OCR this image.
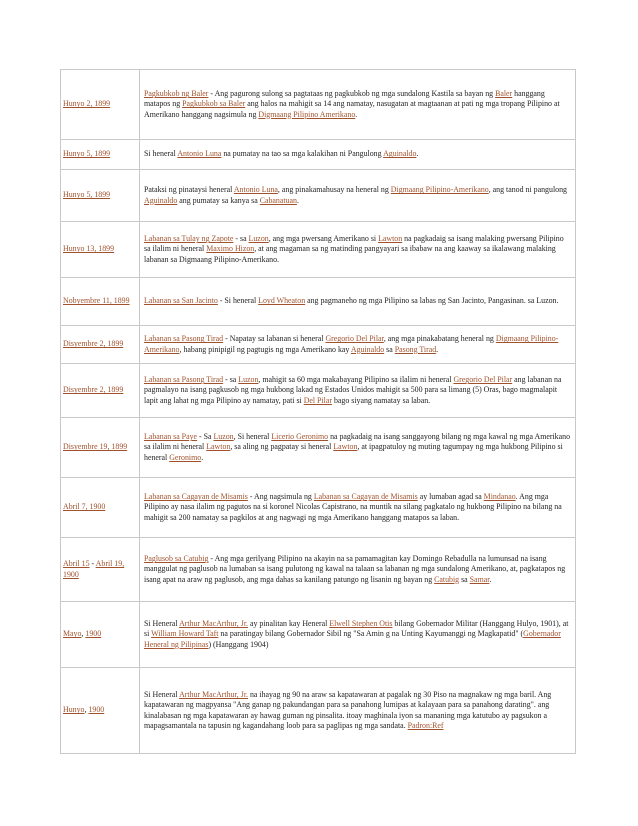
Hunyo 2, 1899	Pagkubkob ng Baler - Ang pagurong sulong sa pagtataas ng pagkubkob ng mga sundalong Kastila sa bayan ng Baler hanggang matapos ng Pagkubkob sa Baler ang halos na mahigit sa 14 ang namatay, nasugatan at magtaanan at pati ng mga tropang Pilipino at Amerikano hanggang nagsimula ng Digmaang Pilipino Amerikano.
Hunyo 5, 1899	Si heneral Antonio Luna na pumatay na tao sa mga kalakihan ni Pangulong Aguinaldo.
Hunyo 5, 1899	Pataksi ng pinataysi heneral Antonio Luna, ang pinakamahusay na heneral ng Digmaang Pilipino-Amerikano, ang tanod ni pangulong Aguinaldo ang pumatay sa kanya sa Cabanatuan.
Hunyo 13, 1899	Labanan sa Tulay ng Zapote - sa Luzon, ang mga pwersang Amerikano si Lawton na pagkadaig sa isang malaking pwersang Pilipino sa ilalim ni heneral Maximo Hizon, at ang magaman sa ng matinding pangyayari sa ibabaw na ang kaaway sa ikalawang malaking labanan sa Digmaang Pilipino-Amerikano.
Nobyembre 11, 1899	Labanan sa San Jacinto - Si heneral Loyd Wheaton ang pagmaneho ng mga Pilipino sa labas ng San Jacinto, Pangasinan. sa Luzon.
Disyembre 2, 1899	Labanan sa Pasong Tirad - Napatay sa labanan si heneral Gregorio Del Pilar, ang mga pinakabatang heneral ng Digmaang Pilipino-Amerikano, habang pinipigil ng pagtugis ng mga Amerikano kay Aguinaldo sa Pasong Tirad.
Disyembre 2, 1899	Labanan sa Pasong Tirad - sa Luzon, mahigit sa 60 mga makabayang Pilipino sa ilalim ni heneral Gregorio Del Pilar ang labanan na pagmalayo na isang pagkusob ng mga hukbong lakad ng Estados Unidos mahigit sa 500 para sa limang (5) Oras, bago magmalapit lapit ang lahat ng mga Pilipino ay namatay, pati si Del Pilar bago siyang namatay sa laban.
Disyembre 19, 1899	Labanan sa Paye - Sa Luzon, Si heneral Licerio Geronimo na pagkadaig na isang sanggayong bilang ng mga kawal ng mga Amerikano sa ilalim ni heneral Lawton, sa aling ng pagpatay si heneral Lawton, at ipagpatuloy ng muting tagumpay ng mga hukbong Pilipino si heneral Geronimo.
Abril 7, 1900	Labanan sa Cagayan de Misamis - Ang nagsimula ng Labanan sa Cagayan de Misamis ay lumaban agad sa Mindanao. Ang mga Pilipino ay nasa ilalim ng pagutos na si koronel Nicolas Capistrano, na muntik na silang pagkatalo ng hukbong Pilipino na bilang na mahigit sa 200 namatay sa pagkilos at ang nagwagi ng mga Amerikano hanggang matapos sa laban.
Abril 15 - Abril 19, 1900	Paglusob sa Catubig - Ang mga gerilyang Pilipino na akayin na sa pamamagitan kay Domingo Rebadulla na lumunsad na isang manggulat ng paglusob na lumaban sa isang pulutong ng kawal na talaan sa labanan ng mga sundalong Amerikano, at, pagkatapos ng isang apat na araw ng paglusob, ang mga dahas sa kanilang patungo ng lisanin ng bayan ng Catubig sa Samar.
Mayo, 1900	Si Heneral Arthur MacArthur, Jr. ay pinalitan kay Heneral Elwell Stephen Otis bilang Gobernador Militar (Hanggang Hulyo, 1901), at si William Howard Taft na paratingay bilang Gobernador Sibil ng "Sa Amin g na Unting Kayumanggi ng Magkapatid" (Gobernador Heneral ng Pilipinas) (Hanggang 1904)
Hunyo, 1900	Si Heneral Arthur MacArthur, Jr. na ihayag ng 90 na araw sa kapatawaran at pagalak ng 30 Piso na magnakaw ng mga baril. Ang kapatawaran ng magpyansa "Ang ganap ng pakundangan para sa panahong lumipas at kalayaan para sa panahong darating". ang kinalabasan ng mga kapatawaran ay hawag guman ng pinsalita. itoay maghinala iyon sa mananing mga katutubo ay pagsukon a mapagsamantala na tapusin ng kagandahang loob para sa paglipas ng mga sandata. Padron:Ref
